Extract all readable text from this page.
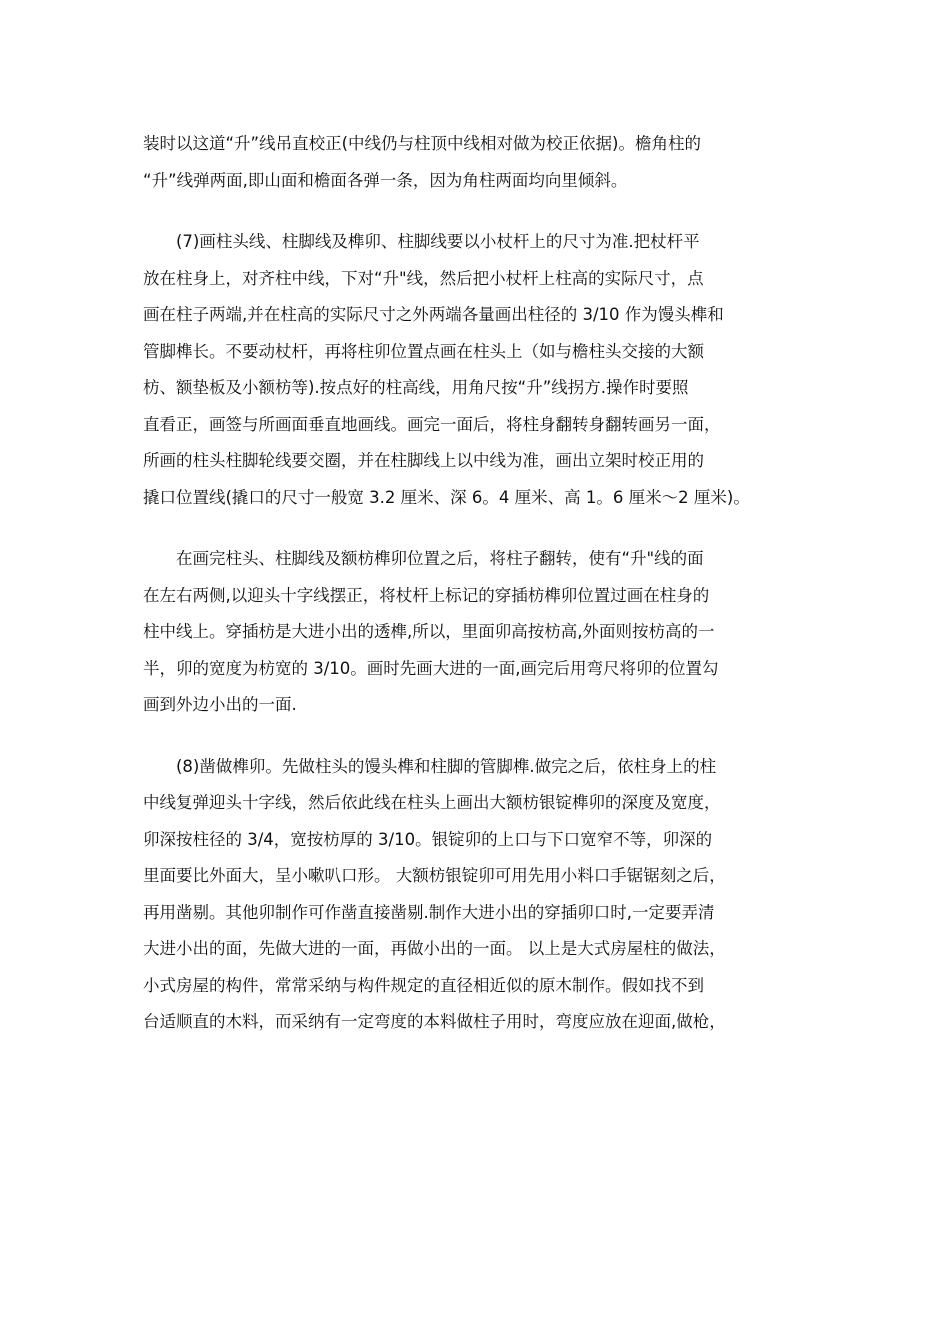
装时以这道“升”线吊直校正(中线仍与柱顶中线相对做为校正依据)。檐角柱的
“升”线弹两面,即山面和檐面各弹一条，因为角柱两面均向里倾斜。
(7)画柱头线、柱脚线及榫卯、柱脚线要以小杖杆上的尺寸为准.把杖杆平
放在柱身上，对齐柱中线，下对“升"线，然后把小杖杆上柱高的实际尺寸，点
画在柱子两端,并在柱高的实际尺寸之外两端各量画出柱径的 3/10 作为馒头榫和
管脚榫长。不要动杖杆，再将柱卯位置点画在柱头上（如与檐柱头交接的大额
枋、额垫板及小额枋等).按点好的柱高线，用角尺按“升”线拐方.操作时要照
直看正，画签与所画面垂直地画线。画完一面后，将柱身翻转身翻转画另一面，
所画的柱头柱脚轮线要交圈，并在柱脚线上以中线为准，画出立架时校正用的
撬口位置线(撬口的尺寸一般宽 3.2 厘米、深 6。4 厘米、高 1。6 厘米～2 厘米)。
在画完柱头、柱脚线及额枋榫卯位置之后，将柱子翻转，使有“升"线的面
在左右两侧,以迎头十字线摆正，将杖杆上标记的穿插枋榫卯位置过画在柱身的
柱中线上。穿插枋是大进小出的透榫,所以，里面卯高按枋高,外面则按枋高的一
半，卯的宽度为枋宽的 3/10。画时先画大进的一面,画完后用弯尺将卯的位置勾
画到外边小出的一面.
(8)凿做榫卯。先做柱头的馒头榫和柱脚的管脚榫.做完之后，依柱身上的柱
中线复弹迎头十字线，然后依此线在柱头上画出大额枋银锭榫卯的深度及宽度，
卯深按柱径的 3/4，宽按枋厚的 3/10。银锭卯的上口与下口宽窄不等，卯深的
里面要比外面大，呈小嗽叭口形。 大额枋银锭卯可用先用小料口手锯锯刻之后，
再用凿剔。其他卯制作可作凿直接凿剔.制作大进小出的穿插卯口时,一定要弄清
大进小出的面，先做大进的一面，再做小出的一面。 以上是大式房屋柱的做法，
小式房屋的构件，常常采纳与构件规定的直径相近似的原木制作。假如找不到
台适顺直的木料，而采纳有一定弯度的本料做柱子用时，弯度应放在迎面,做枪，
